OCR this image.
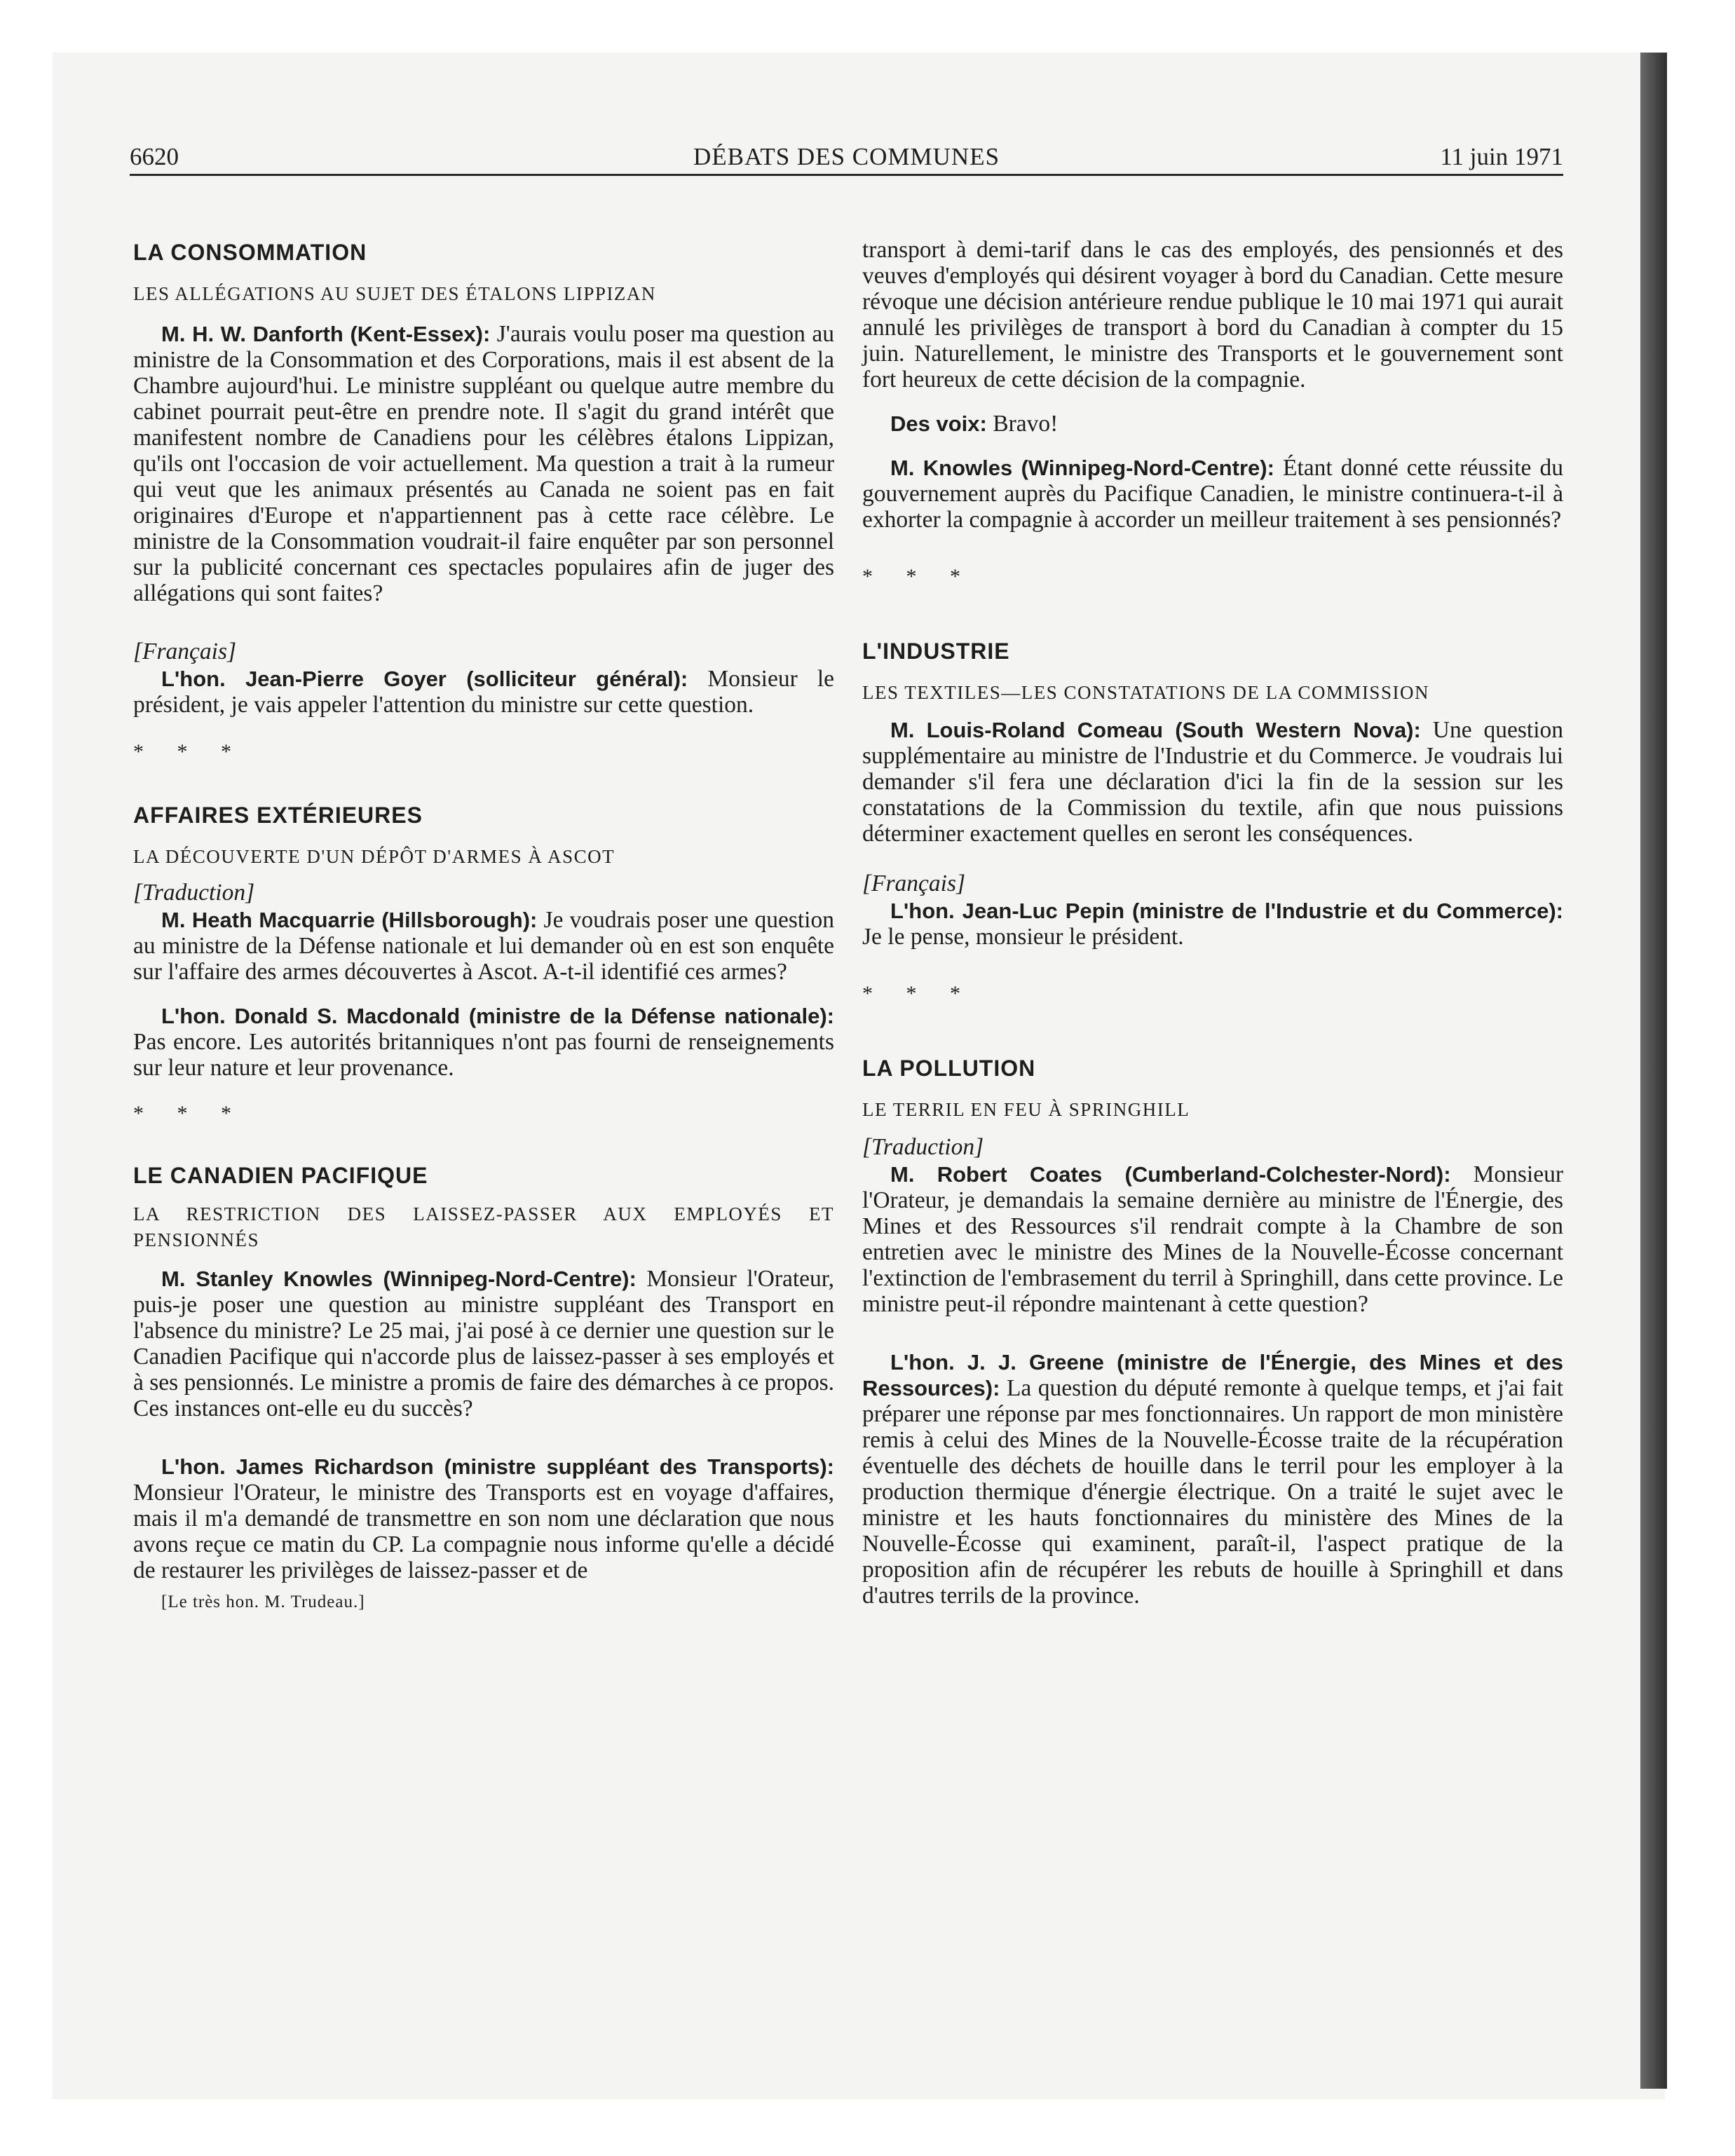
6620	DÉBATS DES COMMUNES	11 juin 1971

LA CONSOMMATION

LES ALLÉGATIONS AU SUJET DES ÉTALONS LIPPIZAN

M. H. W. Danforth (Kent-Essex): J'aurais voulu poser ma question au ministre de la Consommation et des Corporations, mais il est absent de la Chambre aujourd'hui. Le ministre suppléant ou quelque autre membre du cabinet pourrait peut-être en prendre note. Il s'agit du grand intérêt que manifestent nombre de Canadiens pour les célèbres étalons Lippizan, qu'ils ont l'occasion de voir actuellement. Ma question a trait à la rumeur qui veut que les animaux présentés au Canada ne soient pas en fait originaires d'Europe et n'appartiennent pas à cette race célèbre. Le ministre de la Consommation voudrait-il faire enquêter par son personnel sur la publicité concernant ces spectacles populaires afin de juger des allégations qui sont faites?

[Français]

L'hon. Jean-Pierre Goyer (solliciteur général): Monsieur le président, je vais appeler l'attention du ministre sur cette question.

* * *

AFFAIRES EXTÉRIEURES

LA DÉCOUVERTE D'UN DÉPÔT D'ARMES À ASCOT

[Traduction]

M. Heath Macquarrie (Hillsborough): Je voudrais poser une question au ministre de la Défense nationale et lui demander où en est son enquête sur l'affaire des armes découvertes à Ascot. A-t-il identifié ces armes?

L'hon. Donald S. Macdonald (ministre de la Défense nationale): Pas encore. Les autorités britanniques n'ont pas fourni de renseignements sur leur nature et leur provenance.

* * *

LE CANADIEN PACIFIQUE

LA RESTRICTION DES LAISSEZ-PASSER AUX EMPLOYÉS ET PENSIONNÉS

M. Stanley Knowles (Winnipeg-Nord-Centre): Monsieur l'Orateur, puis-je poser une question au ministre suppléant des Transport en l'absence du ministre? Le 25 mai, j'ai posé à ce dernier une question sur le Canadien Pacifique qui n'accorde plus de laissez-passer à ses employés et à ses pensionnés. Le ministre a promis de faire des démarches à ce propos. Ces instances ont-elle eu du succès?

L'hon. James Richardson (ministre suppléant des Transports): Monsieur l'Orateur, le ministre des Transports est en voyage d'affaires, mais il m'a demandé de transmettre en son nom une déclaration que nous avons reçue ce matin du CP. La compagnie nous informe qu'elle a décidé de restaurer les privilèges de laissez-passer et de

[Le très hon. M. Trudeau.]

transport à demi-tarif dans le cas des employés, des pensionnés et des veuves d'employés qui désirent voyager à bord du Canadian. Cette mesure révoque une décision antérieure rendue publique le 10 mai 1971 qui aurait annulé les privilèges de transport à bord du Canadian à compter du 15 juin. Naturellement, le ministre des Transports et le gouvernement sont fort heureux de cette décision de la compagnie.

Des voix: Bravo!

M. Knowles (Winnipeg-Nord-Centre): Étant donné cette réussite du gouvernement auprès du Pacifique Canadien, le ministre continuera-t-il à exhorter la compagnie à accorder un meilleur traitement à ses pensionnés?

* * *

L'INDUSTRIE

LES TEXTILES—LES CONSTATATIONS DE LA COMMISSION

M. Louis-Roland Comeau (South Western Nova): Une question supplémentaire au ministre de l'Industrie et du Commerce. Je voudrais lui demander s'il fera une déclaration d'ici la fin de la session sur les constatations de la Commission du textile, afin que nous puissions déterminer exactement quelles en seront les conséquences.

[Français]

L'hon. Jean-Luc Pepin (ministre de l'Industrie et du Commerce): Je le pense, monsieur le président.

* * *

LA POLLUTION

LE TERRIL EN FEU À SPRINGHILL

[Traduction]

M. Robert Coates (Cumberland-Colchester-Nord): Monsieur l'Orateur, je demandais la semaine dernière au ministre de l'Énergie, des Mines et des Ressources s'il rendrait compte à la Chambre de son entretien avec le ministre des Mines de la Nouvelle-Écosse concernant l'extinction de l'embrasement du terril à Springhill, dans cette province. Le ministre peut-il répondre maintenant à cette question?

L'hon. J. J. Greene (ministre de l'Énergie, des Mines et des Ressources): La question du député remonte à quelque temps, et j'ai fait préparer une réponse par mes fonctionnaires. Un rapport de mon ministère remis à celui des Mines de la Nouvelle-Écosse traite de la récupération éventuelle des déchets de houille dans le terril pour les employer à la production thermique d'énergie électrique. On a traité le sujet avec le ministre et les hauts fonctionnaires du ministère des Mines de la Nouvelle-Écosse qui examinent, paraît-il, l'aspect pratique de la proposition afin de récupérer les rebuts de houille à Springhill et dans d'autres terrils de la province.
